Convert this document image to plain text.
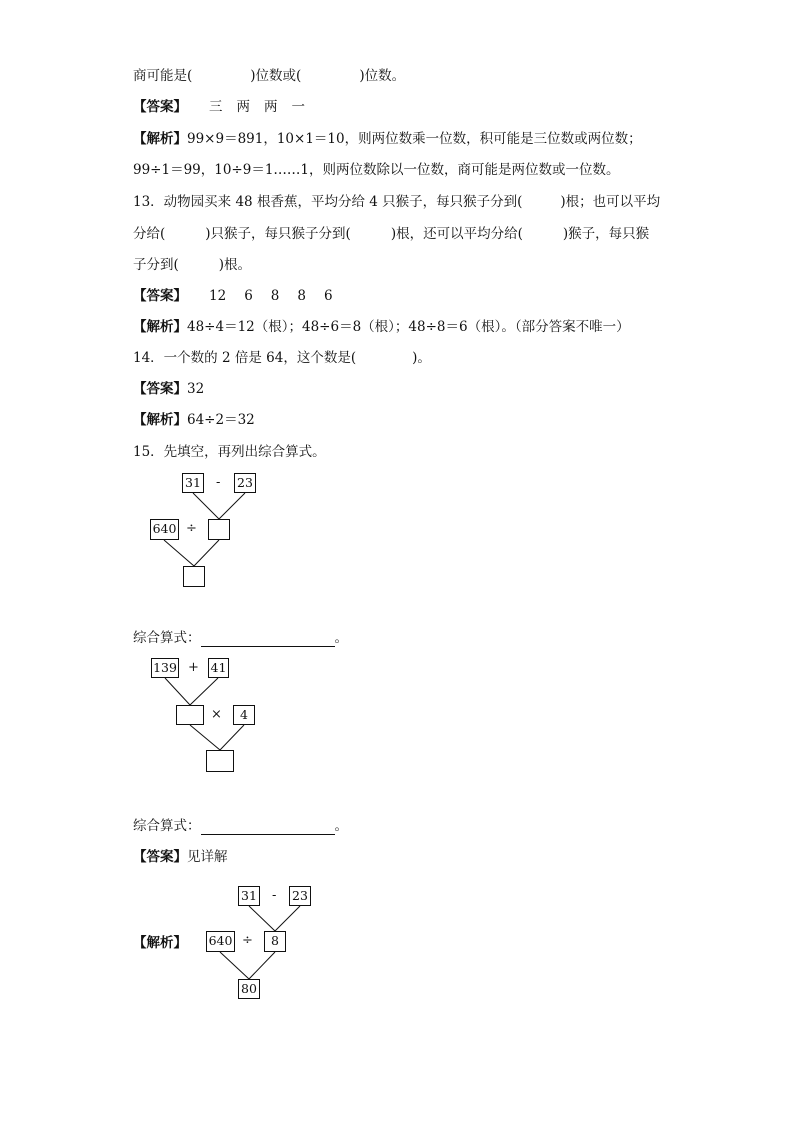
商可能是(	)位数或(	)位数。
【答案】 三 两 两 一
【解析】99×9＝891，10×1＝10，则两位数乘一位数，积可能是三位数或两位数；
99÷1＝99，10÷9＝1……1，则两位数除以一位数，商可能是两位数或一位数。
13．动物园买来 48 根香蕉，平均分给 4 只猴子，每只猴子分到(	)根；也可以平均
分给(	)只猴子，每只猴子分到(	)根，还可以平均分给(	)猴子，每只猴
子分到(	)根。
【答案】 12 6 8 8 6
【解析】48÷4＝12（根）；48÷6＝8（根）；48÷8＝6（根）。（部分答案不唯一）
14．一个数的 2 倍是 64，这个数是(	)。
【答案】32
【解析】64÷2＝32
15．先填空，再列出综合算式。
31 - 23
640 ÷
综合算式：	。
139 + 41
×	4
综合算式：	。
【答案】见详解
【解析】
31 - 23
640 ÷	8
80
